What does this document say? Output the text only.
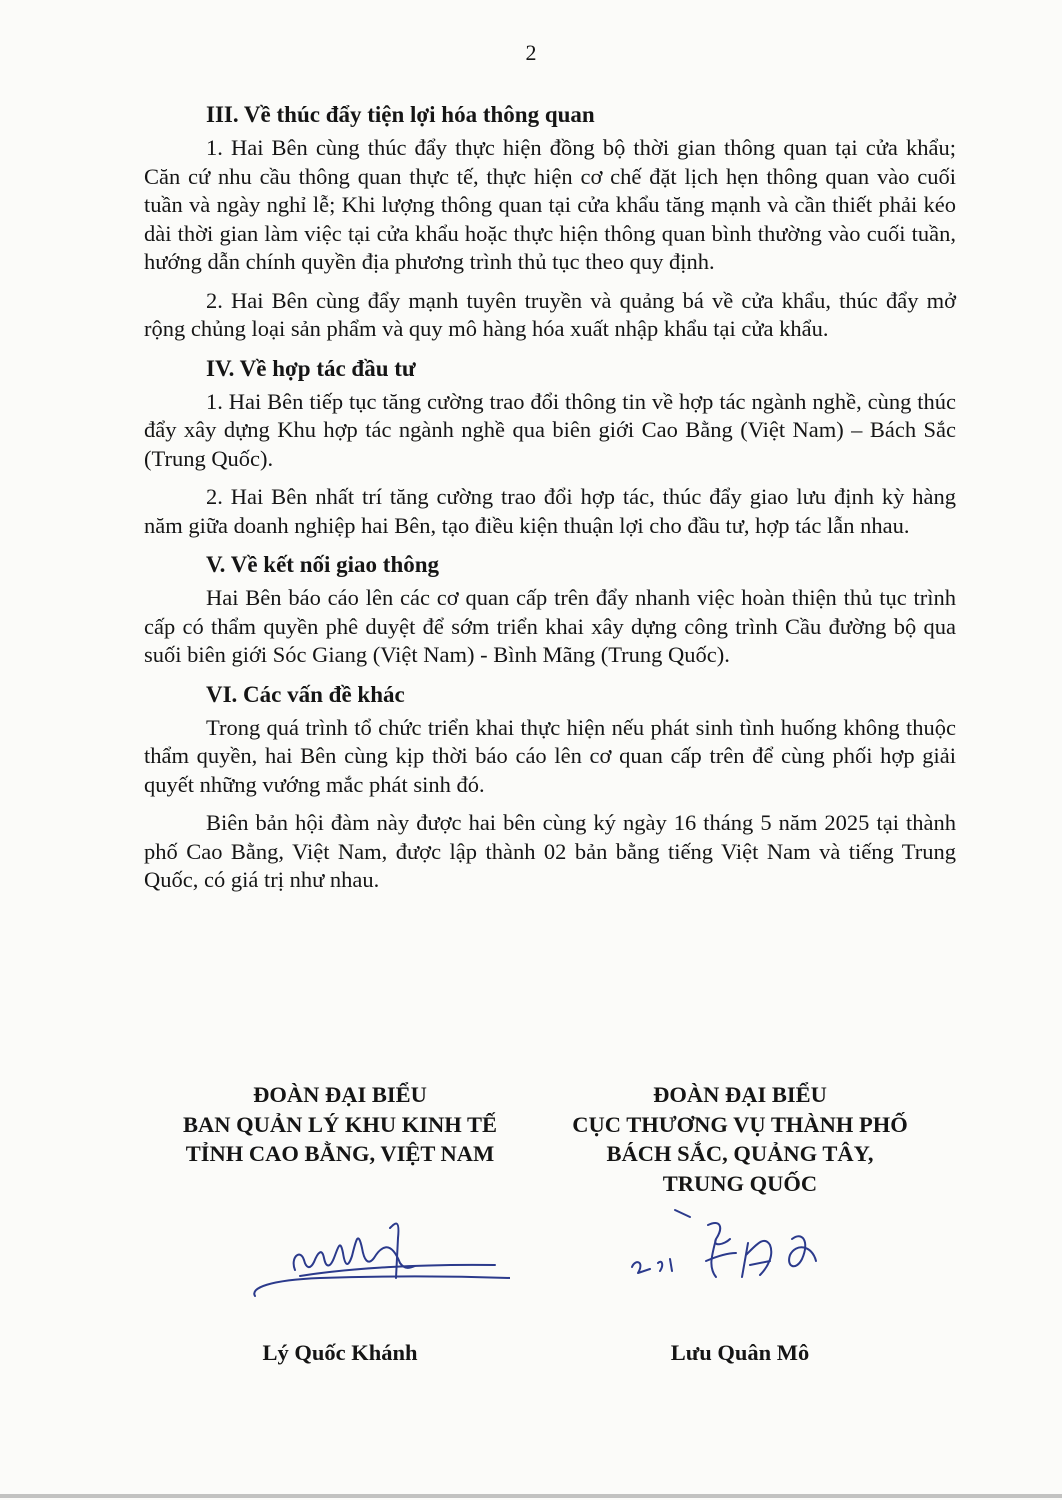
2
III. Về thúc đẩy tiện lợi hóa thông quan

1. Hai Bên cùng thúc đẩy thực hiện đồng bộ thời gian thông quan tại cửa khẩu; Căn cứ nhu cầu thông quan thực tế, thực hiện cơ chế đặt lịch hẹn thông quan vào cuối tuần và ngày nghỉ lễ; Khi lượng thông quan tại cửa khẩu tăng mạnh và cần thiết phải kéo dài thời gian làm việc tại cửa khẩu hoặc thực hiện thông quan bình thường vào cuối tuần, hướng dẫn chính quyền địa phương trình thủ tục theo quy định.

2. Hai Bên cùng đẩy mạnh tuyên truyền và quảng bá về cửa khẩu, thúc đẩy mở rộng chủng loại sản phẩm và quy mô hàng hóa xuất nhập khẩu tại cửa khẩu.

IV. Về hợp tác đầu tư

1. Hai Bên tiếp tục tăng cường trao đổi thông tin về hợp tác ngành nghề, cùng thúc đẩy xây dựng Khu hợp tác ngành nghề qua biên giới Cao Bằng (Việt Nam) – Bách Sắc (Trung Quốc).

2. Hai Bên nhất trí tăng cường trao đổi hợp tác, thúc đẩy giao lưu định kỳ hàng năm giữa doanh nghiệp hai Bên, tạo điều kiện thuận lợi cho đầu tư, hợp tác lẫn nhau.

V. Về kết nối giao thông

Hai Bên báo cáo lên các cơ quan cấp trên đẩy nhanh việc hoàn thiện thủ tục trình cấp có thẩm quyền phê duyệt để sớm triển khai xây dựng công trình Cầu đường bộ qua suối biên giới Sóc Giang (Việt Nam) - Bình Mãng (Trung Quốc).

VI. Các vấn đề khác

Trong quá trình tổ chức triển khai thực hiện nếu phát sinh tình huống không thuộc thẩm quyền, hai Bên cùng kịp thời báo cáo lên cơ quan cấp trên để cùng phối hợp giải quyết những vướng mắc phát sinh đó.

Biên bản hội đàm này được hai bên cùng ký ngày 16 tháng 5 năm 2025 tại thành phố Cao Bằng, Việt Nam, được lập thành 02 bản bằng tiếng Việt Nam và tiếng Trung Quốc, có giá trị như nhau.

ĐOÀN ĐẠI BIỂU
BAN QUẢN LÝ KHU KINH TẾ
TỈNH CAO BẰNG, VIỆT NAM
ĐOÀN ĐẠI BIỂU
CỤC THƯƠNG VỤ THÀNH PHỐ
BÁCH SẮC, QUẢNG TÂY,
TRUNG QUỐC
Lý Quốc Khánh	Lưu Quân Mô
